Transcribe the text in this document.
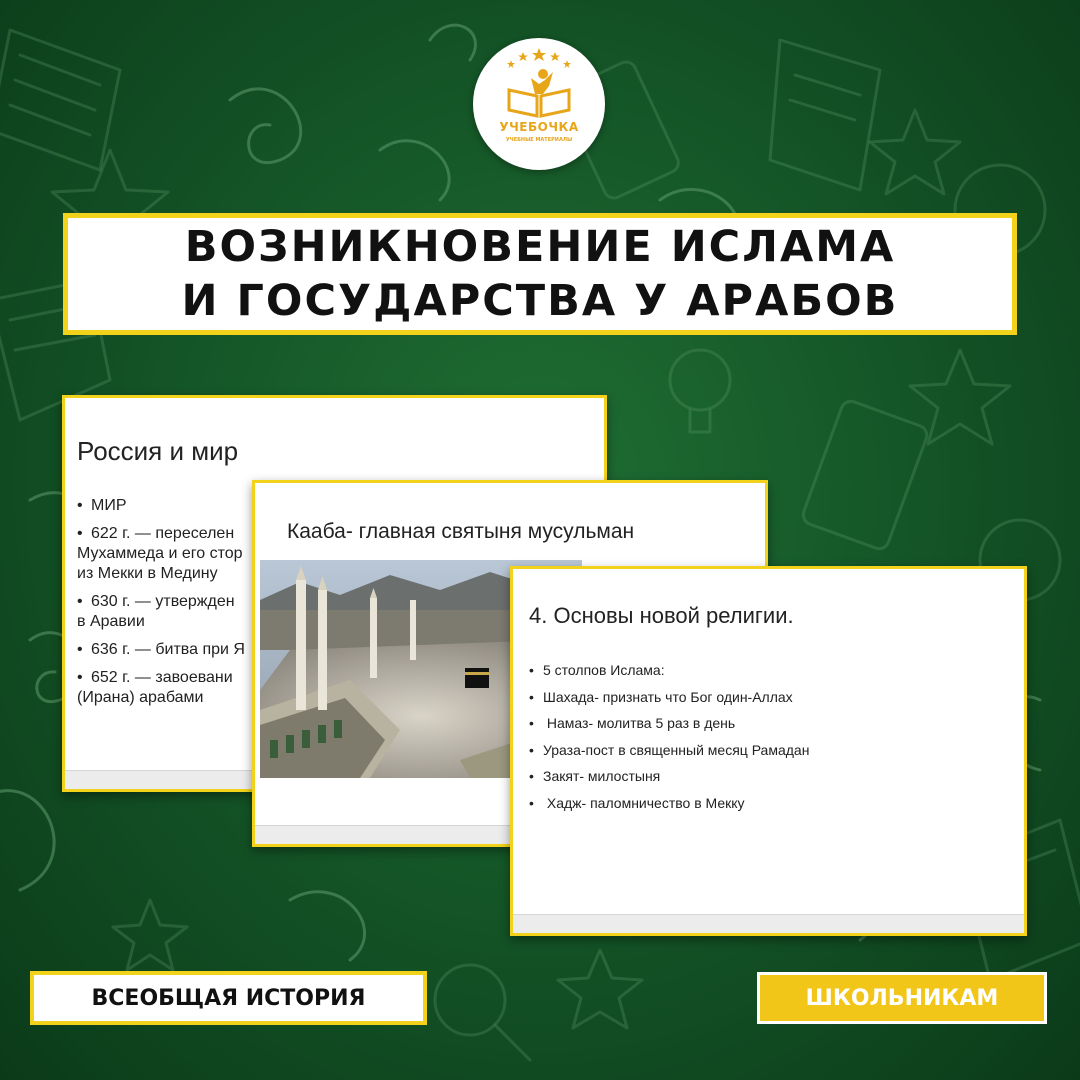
УЧЕБОЧКА
УЧЕБНЫЕ МАТЕРИАЛЫ
ВОЗНИКНОВЕНИЕ ИСЛАМА
И ГОСУДАРСТВА У АРАБОВ
Россия и мир
• МИР
• 622 г. — переселен
Мухаммеда и его стор
из Мекки в Медину
• 630 г. — утвержден
в Аравии
• 636 г. — битва при Я
• 652 г. — завоевани
(Ирана) арабами
Кааба- главная святыня мусульман
4. Основы новой религии.
• 5 столпов Ислама:
• Шахада- признать что Бог один-Аллах
•  Намаз- молитва 5 раз в день
• Ураза-пост в священный месяц Рамадан
• Закят- милостыня
•  Хадж- паломничество в Мекку
ВСЕОБЩАЯ ИСТОРИЯ	ШКОЛЬНИКАМ
